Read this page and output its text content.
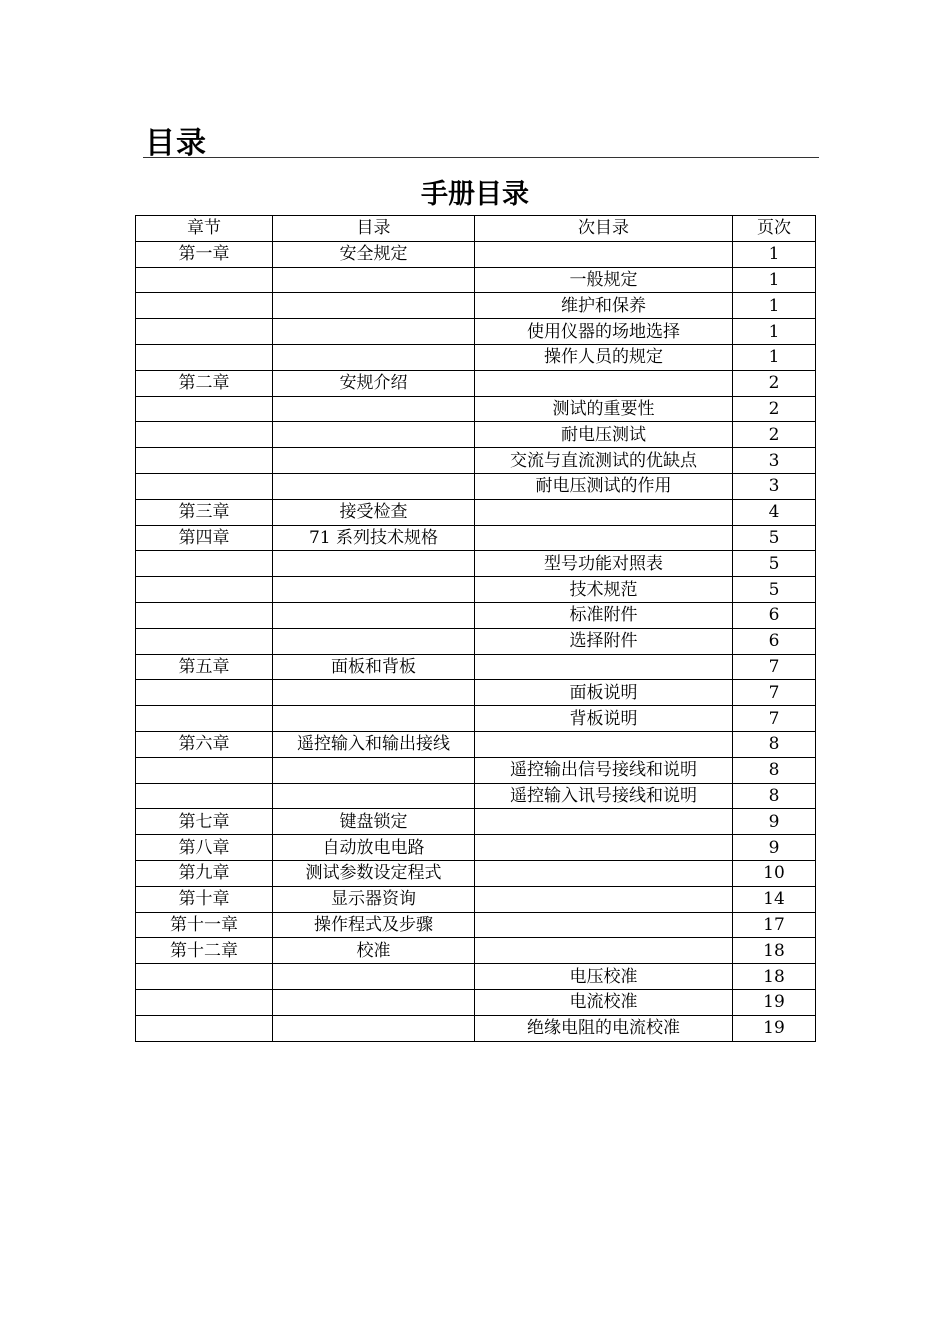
目录
手册目录
章节	目录	次目录	页次
第一章	安全规定		1
		一般规定	1
		维护和保养	1
		使用仪器的场地选择	1
		操作人员的规定	1
第二章	安规介绍		2
		测试的重要性	2
		耐电压测试	2
		交流与直流测试的优缺点	3
		耐电压测试的作用	3
第三章	接受检查		4
第四章	71 系列技术规格		5
		型号功能对照表	5
		技术规范	5
		标准附件	6
		选择附件	6
第五章	面板和背板		7
		面板说明	7
		背板说明	7
第六章	遥控输入和输出接线		8
		遥控输出信号接线和说明	8
		遥控输入讯号接线和说明	8
第七章	键盘锁定		9
第八章	自动放电电路		9
第九章	测试参数设定程式		10
第十章	显示器资询		14
第十一章	操作程式及步骤		17
第十二章	校准		18
		电压校准	18
		电流校准	19
		绝缘电阻的电流校准	19
